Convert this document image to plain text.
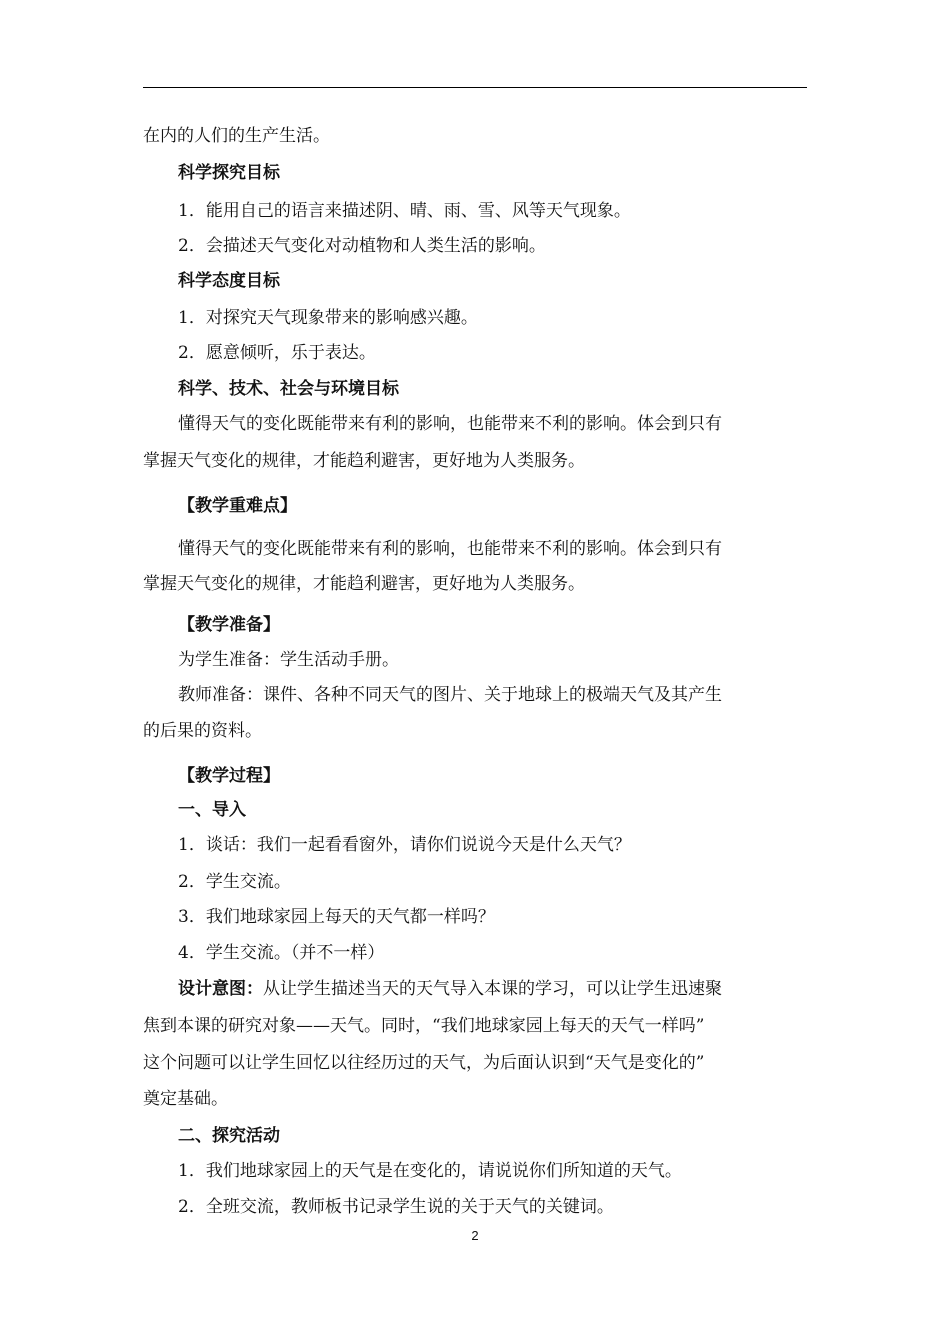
在内的人们的生产生活。
科学探究目标
1．能用自己的语言来描述阴、晴、雨、雪、风等天气现象。
2．会描述天气变化对动植物和人类生活的影响。
科学态度目标
1．对探究天气现象带来的影响感兴趣。
2．愿意倾听，乐于表达。
科学、技术、社会与环境目标
懂得天气的变化既能带来有利的影响，也能带来不利的影响。体会到只有
掌握天气变化的规律，才能趋利避害，更好地为人类服务。
【教学重难点】
懂得天气的变化既能带来有利的影响，也能带来不利的影响。体会到只有
掌握天气变化的规律，才能趋利避害，更好地为人类服务。
【教学准备】
为学生准备：学生活动手册。
教师准备：课件、各种不同天气的图片、关于地球上的极端天气及其产生
的后果的资料。
【教学过程】
一、导入
1．谈话：我们一起看看窗外，请你们说说今天是什么天气？
2．学生交流。
3．我们地球家园上每天的天气都一样吗？
4．学生交流。（并不一样）
设计意图：从让学生描述当天的天气导入本课的学习，可以让学生迅速聚
焦到本课的研究对象——天气。同时，“我们地球家园上每天的天气一样吗”
这个问题可以让学生回忆以往经历过的天气，为后面认识到“天气是变化的”
奠定基础。
二、探究活动
1．我们地球家园上的天气是在变化的，请说说你们所知道的天气。
2．全班交流，教师板书记录学生说的关于天气的关键词。
2
